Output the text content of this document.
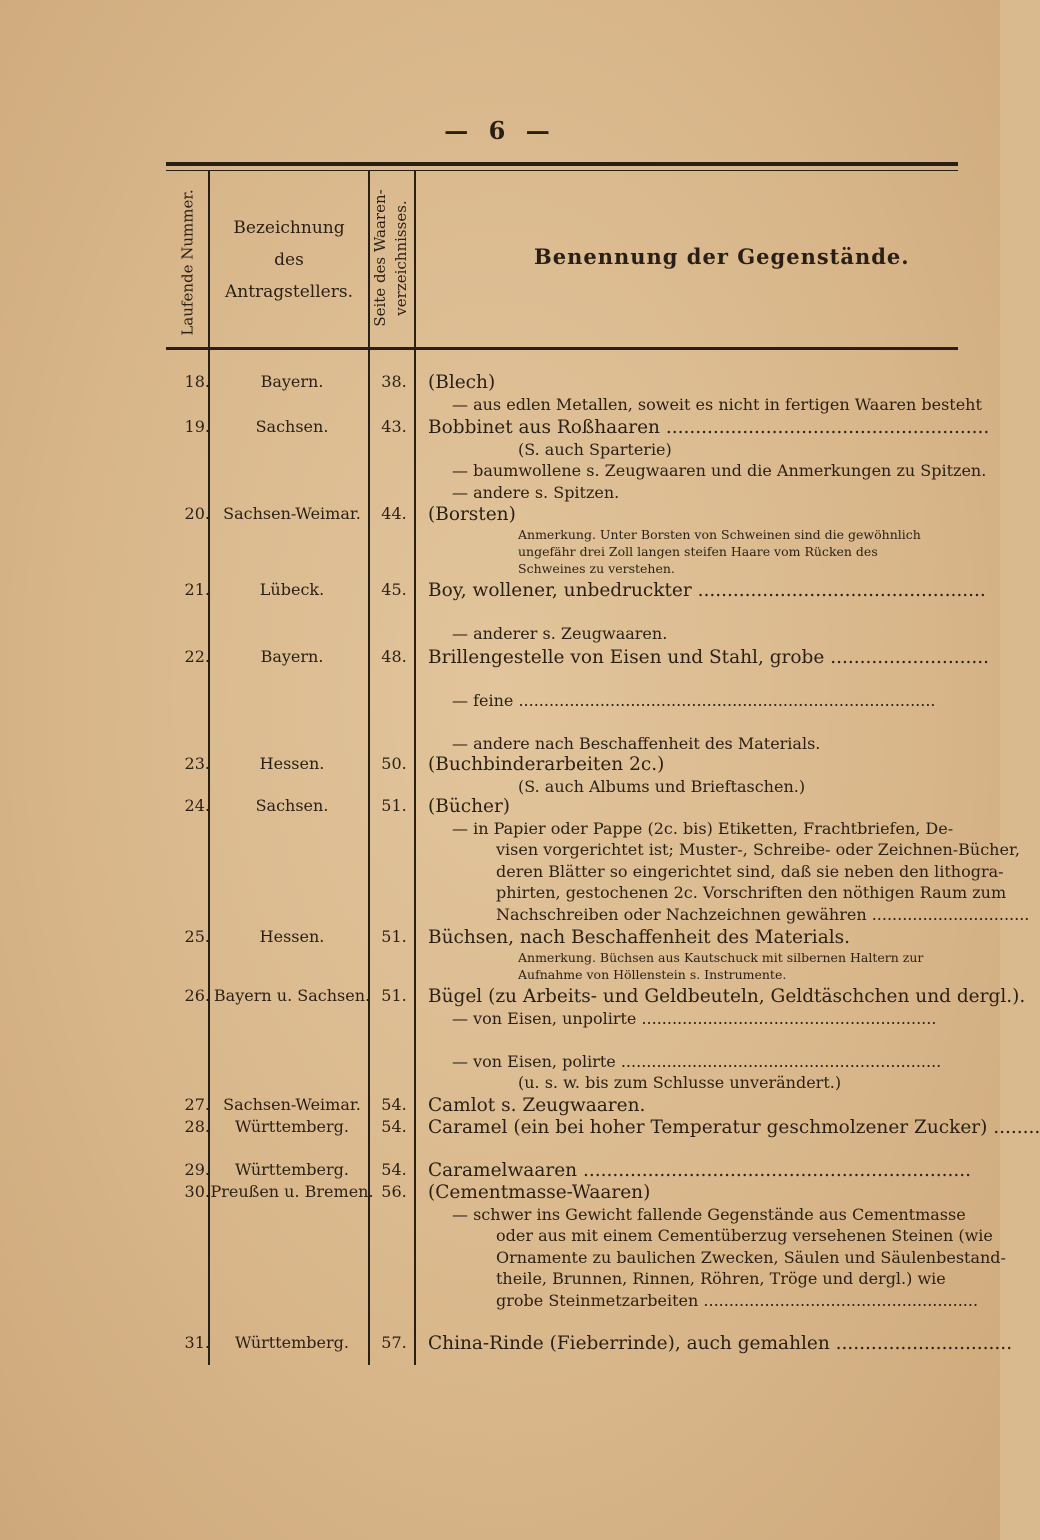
— 6 —
Laufende Nummer.	Bezeichnung
des
Antragstellers.	Seite des Waaren- verzeichnisses.	Benennung der Gegenstände.
18.	Bayern.	38.	(Blech)
— aus edlen Metallen, soweit es nicht in fertigen Waaren besteht
19.	Sachsen.	43.	Bobbinet aus Roßhaaren .......................................................
(S. auch Sparterie)
— baumwollene s. Zeugwaaren und die Anmerkungen zu Spitzen.
— andere s. Spitzen.
20. Sachsen-Weimar.	44.	(Borsten)
Anmerkung. Unter Borsten von Schweinen sind die gewöhnlich
ungefähr drei Zoll langen steifen Haare vom Rücken des
Schweines zu verstehen.
21.	Lübeck.	45.	Boy, wollener, unbedruckter .................................................
— anderer s. Zeugwaaren.
22.	Bayern.	48.	Brillengestelle von Eisen und Stahl, grobe ...........................
— feine ..................................................................................
— andere nach Beschaffenheit des Materials.
23.	Hessen.	50.	(Buchbinderarbeiten 2c.)
(S. auch Albums und Brieftaschen.)
24.	Sachsen.	51.	(Bücher)
— in Papier oder Pappe (2c. bis) Etiketten, Frachtbriefen, De-
visen vorgerichtet ist; Muster-, Schreibe- oder Zeichnen-Bücher,
deren Blätter so eingerichtet sind, daß sie neben den lithogra-
phirten, gestochenen 2c. Vorschriften den nöthigen Raum zum
Nachschreiben oder Nachzeichnen gewähren ...............................
25.	Hessen.	51.	Büchsen, nach Beschaffenheit des Materials.
Anmerkung. Büchsen aus Kautschuck mit silbernen Haltern zur
Aufnahme von Höllenstein s. Instrumente.
26. Bayern u. Sachsen. 51.	Bügel (zu Arbeits- und Geldbeuteln, Geldtäschchen und dergl.).
— von Eisen, unpolirte ..........................................................
— von Eisen, polirte ...............................................................
(u. s. w. bis zum Schlusse unverändert.)
27. Sachsen-Weimar.	54.	Camlot s. Zeugwaaren.
28.	Württemberg.	54.	Caramel (ein bei hoher Temperatur geschmolzener Zucker) ........
29.	Württemberg.	54.	Caramelwaaren ..................................................................
30. Preußen u. Bremen. 56.	(Cementmasse-Waaren)
— schwer ins Gewicht fallende Gegenstände aus Cementmasse
oder aus mit einem Cementüberzug versehenen Steinen (wie
Ornamente zu baulichen Zwecken, Säulen und Säulenbestand-
theile, Brunnen, Rinnen, Röhren, Tröge und dergl.) wie
grobe Steinmetzarbeiten ......................................................
31.	Württemberg.	57.	China-Rinde (Fieberrinde), auch gemahlen ..............................
